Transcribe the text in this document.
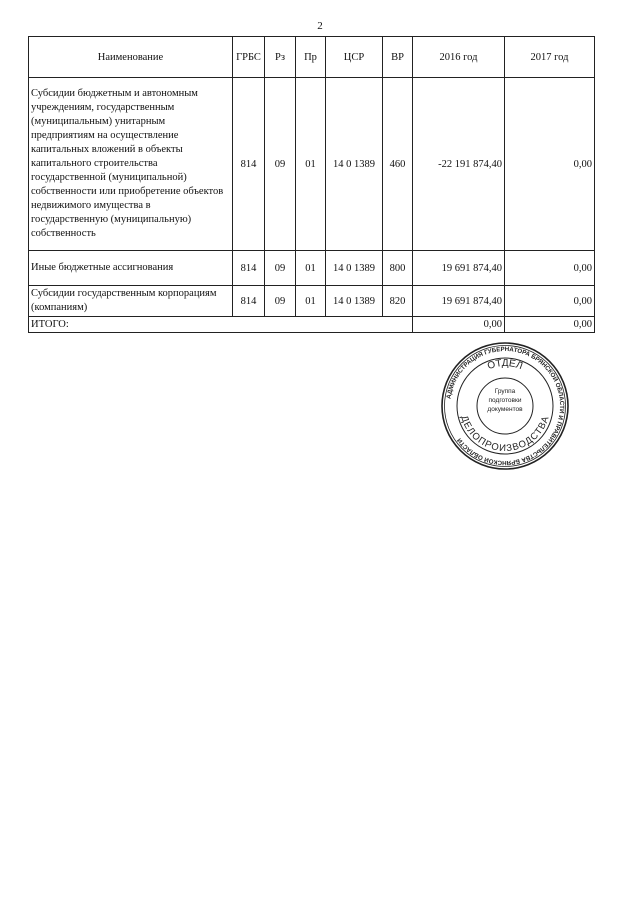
2
Наименование	ГРБС	Рз	Пр	ЦСР	ВР	2016 год	2017 год
Субсидии бюджетным и автономным учреждениям, государственным (муниципальным) унитарным предприятиям на осуществление капитальных вложений в объекты капитального строительства государственной (муниципальной) собственности или приобретение объектов недвижимого имущества в государственную (муниципальную) собственность	814	09	01	14 0 1389	460	-22 191 874,40	0,00
Иные бюджетные ассигнования	814	09	01	14 0 1389	800	19 691 874,40	0,00
Субсидии государственным корпорациям (компаниям)	814	09	01	14 0 1389	820	19 691 874,40	0,00
ИТОГО:						0,00	0,00
АДМИНИСТРАЦИЯ ГУБЕРНАТОРА БРЯНСКОЙ ОБЛАСТИ И ПРАВИТЕЛЬСТВА БРЯНСКОЙ ОБЛАСТИ
ОТДЕЛ
ДЕЛОПРОИЗВОДСТВА
Группа
подготовки
документов
